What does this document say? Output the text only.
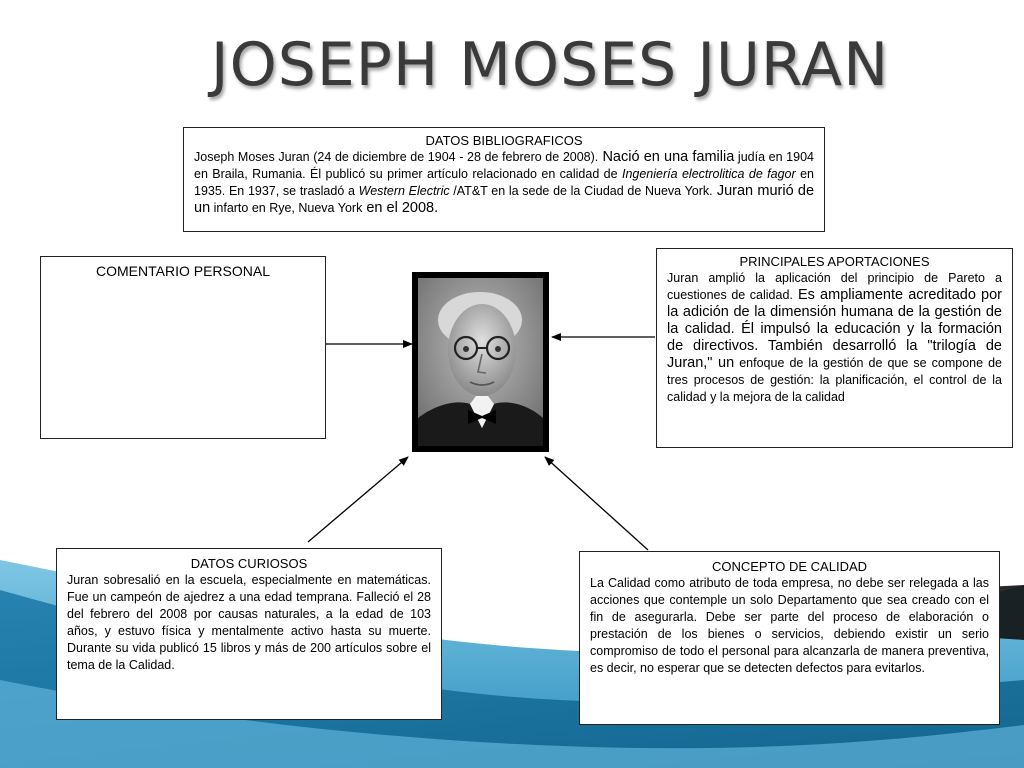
JOSEPH MOSES JURAN
DATOS BIBLIOGRAFICOS
Joseph Moses Juran (24 de diciembre de 1904 - 28 de febrero de 2008). Nació en una familia judía en 1904 en Braila, Rumania. Él publicó su primer artículo relacionado en calidad de Ingeniería electrolitica de fagor en 1935. En 1937, se trasladó a Western Electric /AT&T en la sede de la Ciudad de Nueva York. Juran murió de un infarto en Rye, Nueva York en el 2008.
COMENTARIO PERSONAL
PRINCIPALES APORTACIONES
Juran amplió la aplicación del principio de Pareto a cuestiones de calidad. Es ampliamente acreditado por la adición de la dimensión humana de la gestión de la calidad. Él impulsó la educación y la formación de directivos. También desarrolló la "trilogía de Juran," un enfoque de la gestión de que se compone de tres procesos de gestión: la planificación, el control de la calidad y la mejora de la calidad
DATOS CURIOSOS
Juran sobresalió en la escuela, especialmente en matemáticas. Fue un campeón de ajedrez a una edad temprana. Falleció el 28 del febrero del 2008 por causas naturales, a la edad de 103 años, y estuvo física y mentalmente activo hasta su muerte. Durante su vida publicó 15 libros y más de 200 artículos sobre el tema de la Calidad.
CONCEPTO DE CALIDAD
La Calidad como atributo de toda empresa, no debe ser relegada a las acciones que contemple un solo Departamento que sea creado con el fin de asegurarla. Debe ser parte del proceso de elaboración o prestación de los bienes o servicios, debiendo existir un serio compromiso de todo el personal para alcanzarla de manera preventiva, es decir, no esperar que se detecten defectos para evitarlos.
